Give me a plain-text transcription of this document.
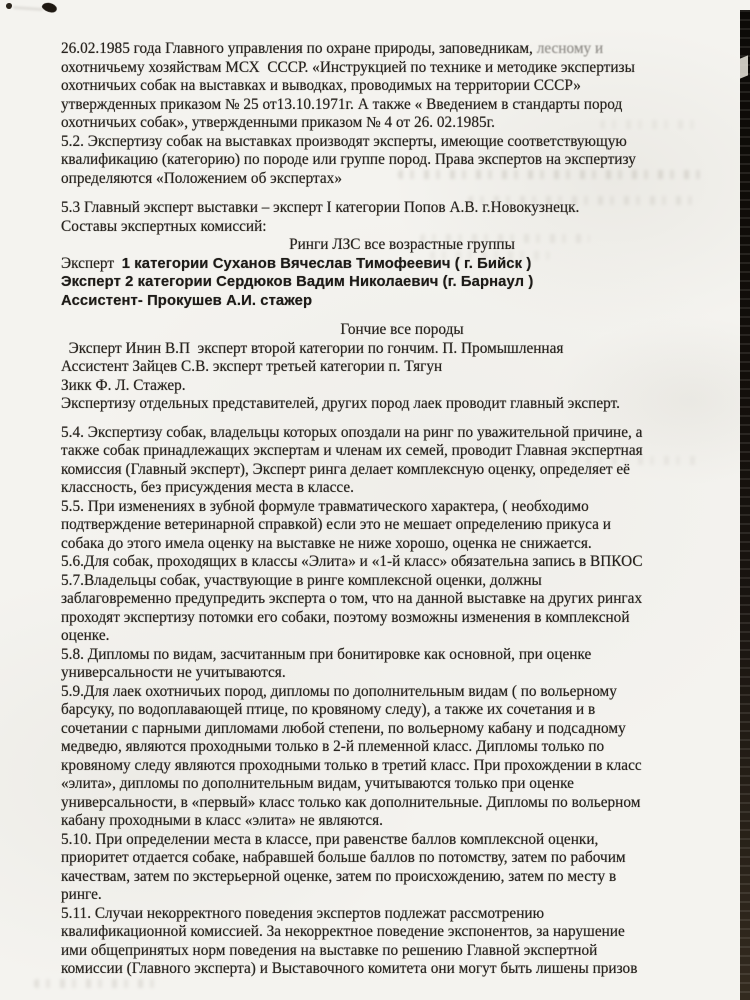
26.02.1985 года Главного управления по охране природы, заповедникам, лесному и
охотничьему хозяйствам МСХ  СССР. «Инструкцией по технике и методике экспертизы
охотничьих собак на выставках и выводках, проводимых на территории СССР»
утвержденных приказом № 25 от13.10.1971г. А также « Введением в стандарты пород
охотничьих собак», утвержденными приказом № 4 от 26. 02.1985г.
5.2. Экспертизу собак на выставках производят эксперты, имеющие соответствующую
квалификацию (категорию) по породе или группе пород. Права экспертов на экспертизу
определяются «Положением об экспертах»
5.3 Главный эксперт выставки – эксперт I категории Попов А.В. г.Новокузнецк.
Составы экспертных комиссий:
Ринги ЛЗС все возрастные группы
Эксперт  1 категории Суханов Вячеслав Тимофеевич ( г. Бийск )
Эксперт 2 категории Сердюков Вадим Николаевич (г. Барнаул )
Ассистент- Прокушев А.И. стажер
Гончие все породы
Эксперт Инин В.П  эксперт второй категории по гончим. П. Промышленная
Ассистент Зайцев С.В. эксперт третьей категории п. Тягун
Зикк Ф. Л. Стажер.
Экспертизу отдельных представителей, других пород лаек проводит главный эксперт.
5.4. Экспертизу собак, владельцы которых опоздали на ринг по уважительной причине, а
также собак принадлежащих экспертам и членам их семей, проводит Главная экспертная
комиссия (Главный эксперт), Эксперт ринга делает комплексную оценку, определяет её
классность, без присуждения места в классе.
5.5. При изменениях в зубной формуле травматического характера, ( необходимо
подтверждение ветеринарной справкой) если это не мешает определению прикуса и
собака до этого имела оценку на выставке не ниже хорошо, оценка не снижается.
5.6.Для собак, проходящих в классы «Элита» и «1-й класс» обязательна запись в ВПКОС
5.7.Владельцы собак, участвующие в ринге комплексной оценки, должны
заблаговременно предупредить эксперта о том, что на данной выставке на других рингах
проходят экспертизу потомки его собаки, поэтому возможны изменения в комплексной
оценке.
5.8. Дипломы по видам, засчитанным при бонитировке как основной, при оценке
универсальности не учитываются.
5.9.Для лаек охотничьих пород, дипломы по дополнительным видам ( по вольерному
барсуку, по водоплавающей птице, по кровяному следу), а также их сочетания и в
сочетании с парными дипломами любой степени, по вольерному кабану и подсадному
медведю, являются проходными только в 2-й племенной класс. Дипломы только по
кровяному следу являются проходными только в третий класс. При прохождении в класс
«элита», дипломы по дополнительным видам, учитываются только при оценке
универсальности, в «первый» класс только как дополнительные. Дипломы по вольерном
кабану проходными в класс «элита» не являются.
5.10. При определении места в классе, при равенстве баллов комплексной оценки,
приоритет отдается собаке, набравшей больше баллов по потомству, затем по рабочим
качествам, затем по экстерьерной оценке, затем по происхождению, затем по месту в
ринге.
5.11. Случаи некорректного поведения экспертов подлежат рассмотрению
квалификационной комиссией. За некорректное поведение экспонентов, за нарушение
ими общепринятых норм поведения на выставке по решению Главной экспертной
комиссии (Главного эксперта) и Выставочного комитета они могут быть лишены призов
